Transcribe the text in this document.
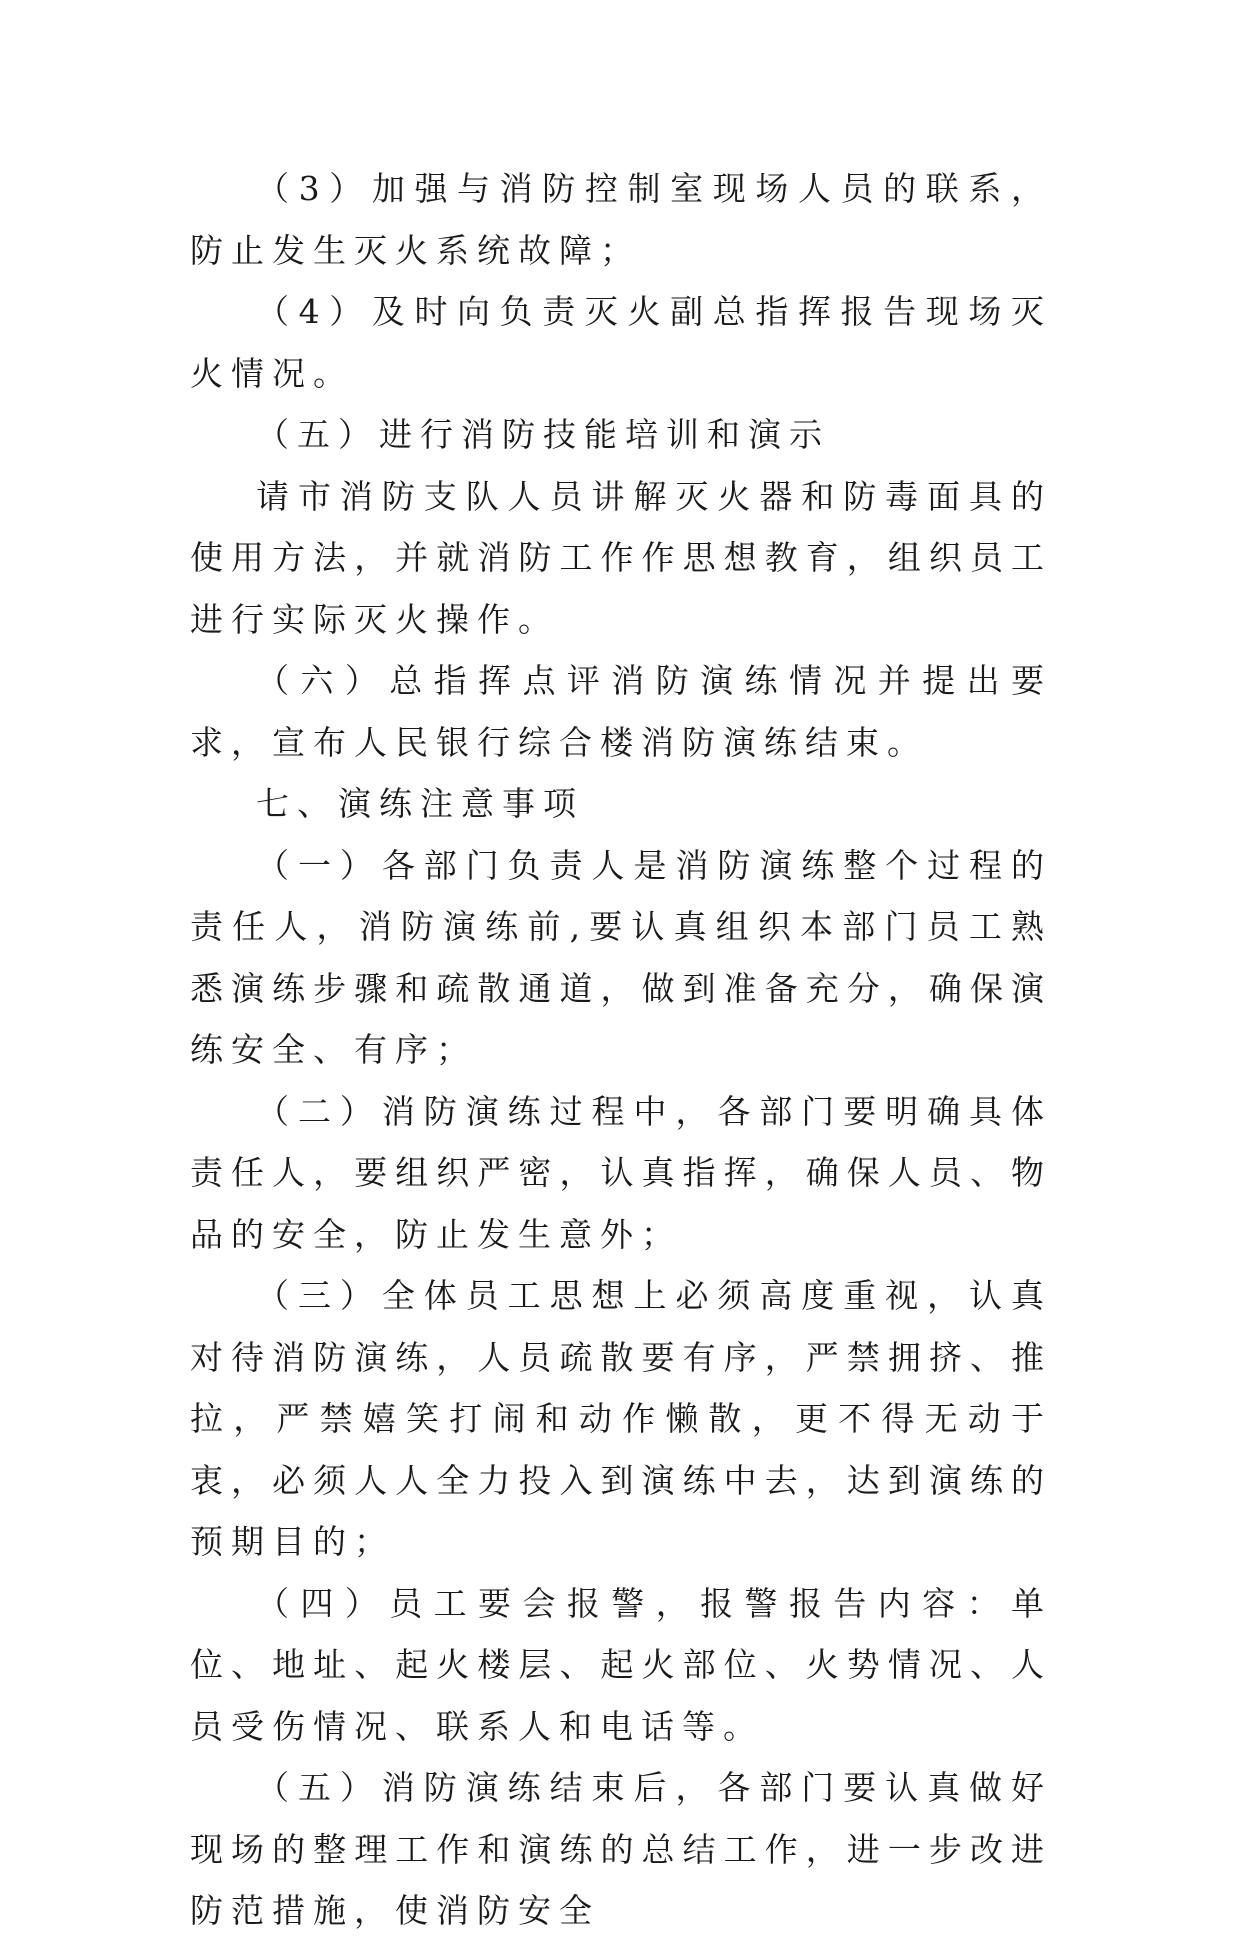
（3）加强与消防控制室现场人员的联系，防止发生灭火系统故障；

（4）及时向负责灭火副总指挥报告现场灭火情况。

（五）进行消防技能培训和演示

请市消防支队人员讲解灭火器和防毒面具的使用方法，并就消防工作作思想教育，组织员工进行实际灭火操作。

（六）总指挥点评消防演练情况并提出要求，宣布人民银行综合楼消防演练结束。

七、演练注意事项

（一）各部门负责人是消防演练整个过程的责任人，消防演练前,要认真组织本部门员工熟悉演练步骤和疏散通道，做到准备充分，确保演练安全、有序；

（二）消防演练过程中，各部门要明确具体责任人，要组织严密，认真指挥，确保人员、物品的安全，防止发生意外；

（三）全体员工思想上必须高度重视，认真对待消防演练，人员疏散要有序，严禁拥挤、推拉，严禁嬉笑打闹和动作懒散，更不得无动于衷，必须人人全力投入到演练中去，达到演练的预期目的；

（四）员工要会报警，报警报告内容：单位、地址、起火楼层、起火部位、火势情况、人员受伤情况、联系人和电话等。

（五）消防演练结束后，各部门要认真做好现场的整理工作和演练的总结工作，进一步改进防范措施，使消防安全
